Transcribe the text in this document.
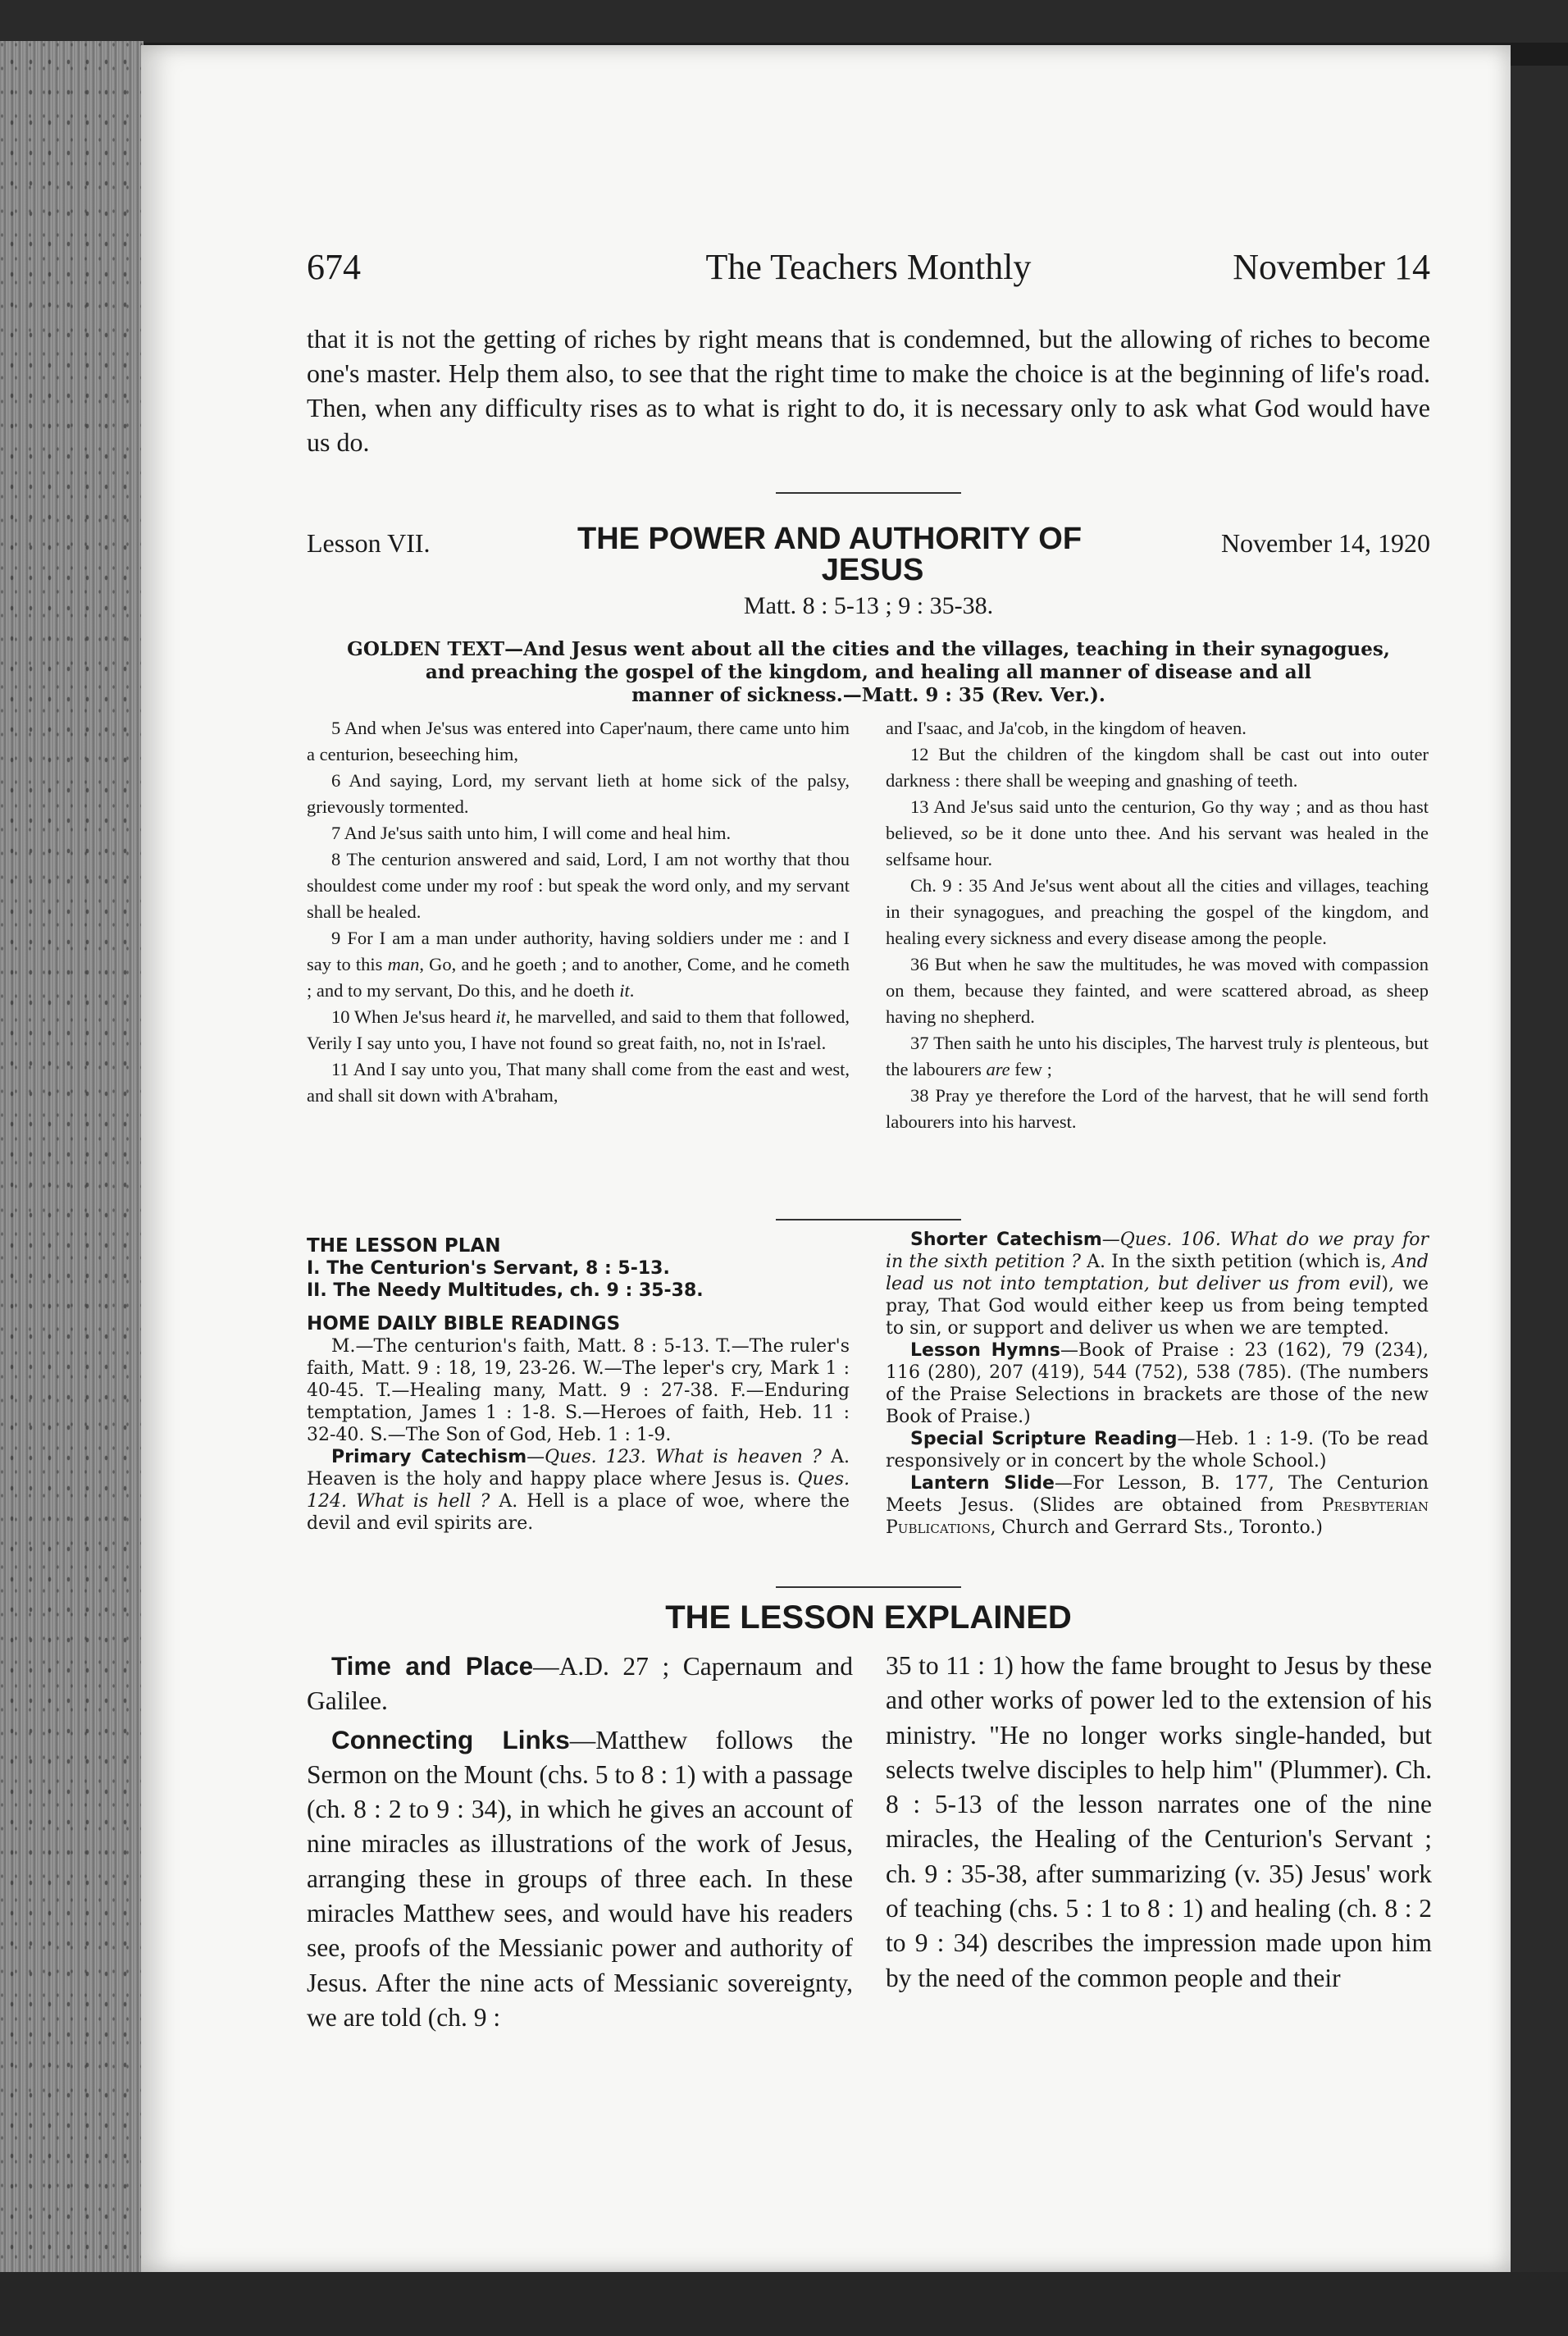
674	The Teachers Monthly	November 14
that it is not the getting of riches by right means that is condemned, but the allowing of riches to become one's master. Help them also, to see that the right time to make the choice is at the beginning of life's road. Then, when any difficulty rises as to what is right to do, it is necessary only to ask what God would have us do.
Lesson VII.	THE POWER AND AUTHORITY OF
JESUS
November 14, 1920
Matt. 8 : 5-13 ; 9 : 35-38.
GOLDEN TEXT—And Jesus went about all the cities and the villages, teaching in their synagogues,
and preaching the gospel of the kingdom, and healing all manner of disease and all
manner of sickness.—Matt. 9 : 35 (Rev. Ver.).

5 And when Je'sus was entered into Caper'naum, there came unto him a centurion, beseeching him,

6 And saying, Lord, my servant lieth at home sick of the palsy, grievously tormented.

7 And Je'sus saith unto him, I will come and heal him.

8 The centurion answered and said, Lord, I am not worthy that thou shouldest come under my roof : but speak the word only, and my servant shall be healed.

9 For I am a man under authority, having soldiers under me : and I say to this man, Go, and he goeth ; and to another, Come, and he cometh ; and to my servant, Do this, and he doeth it.

10 When Je'sus heard it, he marvelled, and said to them that followed, Verily I say unto you, I have not found so great faith, no, not in Is'rael.

11 And I say unto you, That many shall come from the east and west, and shall sit down with A'braham,

and I'saac, and Ja'cob, in the kingdom of heaven.

12 But the children of the kingdom shall be cast out into outer darkness : there shall be weeping and gnashing of teeth.

13 And Je'sus said unto the centurion, Go thy way ; and as thou hast believed, so be it done unto thee. And his servant was healed in the selfsame hour.

Ch. 9 : 35 And Je'sus went about all the cities and villages, teaching in their synagogues, and preaching the gospel of the kingdom, and healing every sickness and every disease among the people.

36 But when he saw the multitudes, he was moved with compassion on them, because they fainted, and were scattered abroad, as sheep having no shepherd.

37 Then saith he unto his disciples, The harvest truly is plenteous, but the labourers are few ;

38 Pray ye therefore the Lord of the harvest, that he will send forth labourers into his harvest.

THE LESSON PLAN

I. The Centurion's Servant, 8 : 5-13.

II. The Needy Multitudes, ch. 9 : 35-38.

HOME DAILY BIBLE READINGS

M.—The centurion's faith, Matt. 8 : 5-13. T.—The ruler's faith, Matt. 9 : 18, 19, 23-26. W.—The leper's cry, Mark 1 : 40-45. T.—Healing many, Matt. 9 : 27-38. F.—Enduring temptation, James 1 : 1-8. S.—Heroes of faith, Heb. 11 : 32-40. S.—The Son of God, Heb. 1 : 1-9.

Primary Catechism—Ques. 123. What is heaven ? A. Heaven is the holy and happy place where Jesus is. Ques. 124. What is hell ? A. Hell is a place of woe, where the devil and evil spirits are.

Shorter Catechism—Ques. 106. What do we pray for in the sixth petition ? A. In the sixth petition (which is, And lead us not into temptation, but deliver us from evil), we pray, That God would either keep us from being tempted to sin, or support and deliver us when we are tempted.

Lesson Hymns—Book of Praise : 23 (162), 79 (234), 116 (280), 207 (419), 544 (752), 538 (785). (The numbers of the Praise Selections in brackets are those of the new Book of Praise.)

Special Scripture Reading—Heb. 1 : 1-9. (To be read responsively or in concert by the whole School.)

Lantern Slide—For Lesson, B. 177, The Centurion Meets Jesus. (Slides are obtained from Presbyterian Publications, Church and Gerrard Sts., Toronto.)

THE LESSON EXPLAINED

Time and Place—A.D. 27 ; Capernaum and Galilee.

Connecting Links—Matthew follows the Sermon on the Mount (chs. 5 to 8 : 1) with a passage (ch. 8 : 2 to 9 : 34), in which he gives an account of nine miracles as illustrations of the work of Jesus, arranging these in groups of three each. In these miracles Matthew sees, and would have his readers see, proofs of the Messianic power and authority of Jesus. After the nine acts of Messianic sovereignty, we are told (ch. 9 :

35 to 11 : 1) how the fame brought to Jesus by these and other works of power led to the extension of his ministry. "He no longer works single-handed, but selects twelve disciples to help him" (Plummer). Ch. 8 : 5-13 of the lesson narrates one of the nine miracles, the Healing of the Centurion's Servant ; ch. 9 : 35-38, after summarizing (v. 35) Jesus' work of teaching (chs. 5 : 1 to 8 : 1) and healing (ch. 8 : 2 to 9 : 34) describes the impression made upon him by the need of the common people and their
